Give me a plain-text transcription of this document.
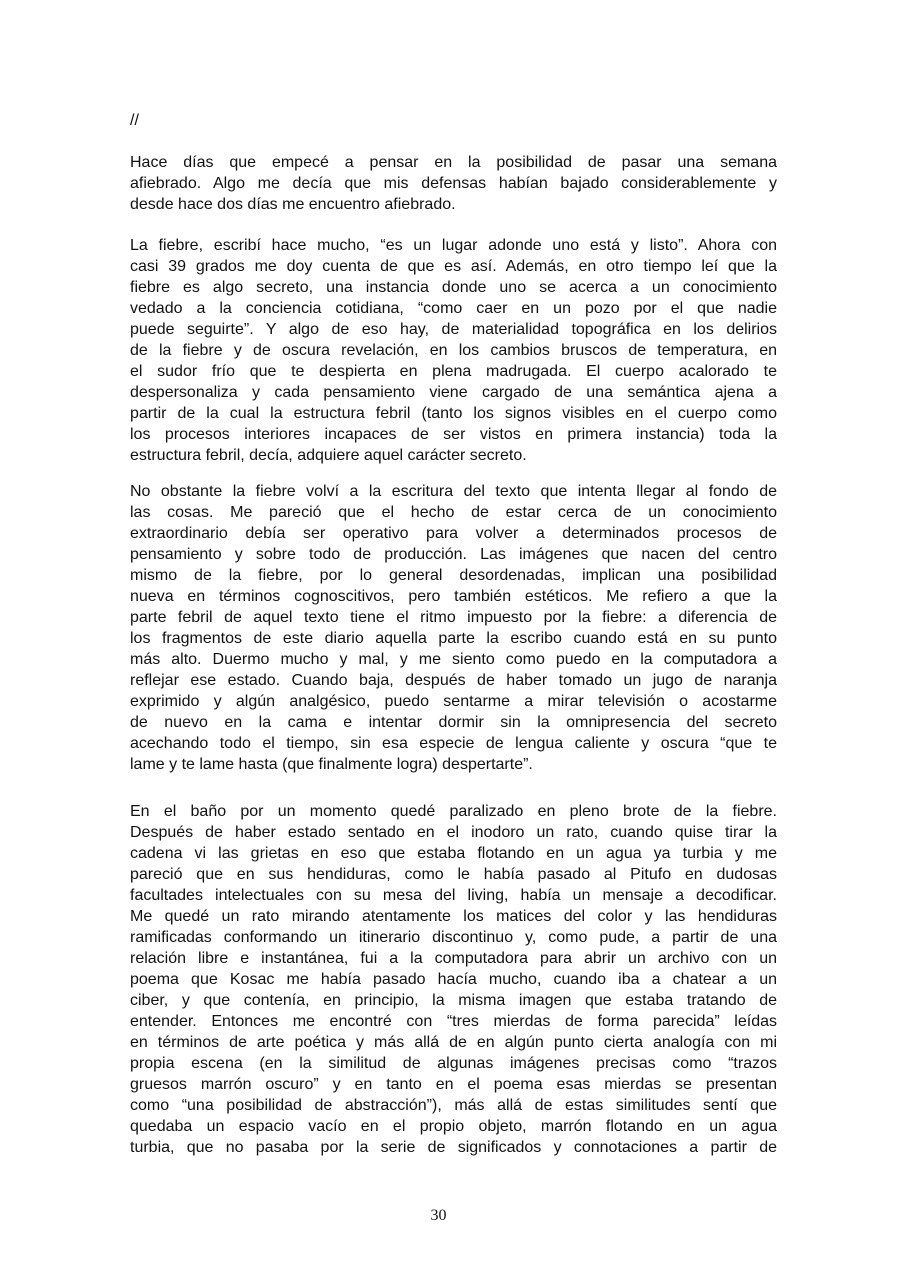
//
Hace días que empecé a pensar en la posibilidad de pasar una semana
afiebrado. Algo me decía que mis defensas habían bajado considerablemente y
desde hace dos días me encuentro afiebrado.
La fiebre, escribí hace mucho, “es un lugar adonde uno está y listo”. Ahora con
casi 39 grados me doy cuenta de que es así. Además, en otro tiempo leí que la
fiebre es algo secreto, una instancia donde uno se acerca a un conocimiento
vedado a la conciencia cotidiana, “como caer en un pozo por el que nadie
puede seguirte”. Y algo de eso hay, de materialidad topográfica en los delirios
de la fiebre y de oscura revelación, en los cambios bruscos de temperatura, en
el sudor frío que te despierta en plena madrugada. El cuerpo acalorado te
despersonaliza y cada pensamiento viene cargado de una semántica ajena a
partir de la cual la estructura febril (tanto los signos visibles en el cuerpo como
los procesos interiores incapaces de ser vistos en primera instancia) toda la
estructura febril, decía, adquiere aquel carácter secreto.
No obstante la fiebre volví a la escritura del texto que intenta llegar al fondo de
las cosas. Me pareció que el hecho de estar cerca de un conocimiento
extraordinario debía ser operativo para volver a determinados procesos de
pensamiento y sobre todo de producción. Las imágenes que nacen del centro
mismo de la fiebre, por lo general desordenadas, implican una posibilidad
nueva en términos cognoscitivos, pero también estéticos. Me refiero a que la
parte febril de aquel texto tiene el ritmo impuesto por la fiebre: a diferencia de
los fragmentos de este diario aquella parte la escribo cuando está en su punto
más alto. Duermo mucho y mal, y me siento como puedo en la computadora a
reflejar ese estado. Cuando baja, después de haber tomado un jugo de naranja
exprimido y algún analgésico, puedo sentarme a mirar televisión o acostarme
de nuevo en la cama e intentar dormir sin la omnipresencia del secreto
acechando todo el tiempo, sin esa especie de lengua caliente y oscura “que te
lame y te lame hasta (que finalmente logra) despertarte”.
En el baño por un momento quedé paralizado en pleno brote de la fiebre.
Después de haber estado sentado en el inodoro un rato, cuando quise tirar la
cadena vi las grietas en eso que estaba flotando en un agua ya turbia y me
pareció que en sus hendiduras, como le había pasado al Pitufo en dudosas
facultades intelectuales con su mesa del living, había un mensaje a decodificar.
Me quedé un rato mirando atentamente los matices del color y las hendiduras
ramificadas conformando un itinerario discontinuo y, como pude, a partir de una
relación libre e instantánea, fui a la computadora para abrir un archivo con un
poema que Kosac me había pasado hacía mucho, cuando iba a chatear a un
ciber, y que contenía, en principio, la misma imagen que estaba tratando de
entender. Entonces me encontré con “tres mierdas de forma parecida” leídas
en términos de arte poética y más allá de en algún punto cierta analogía con mi
propia escena (en la similitud de algunas imágenes precisas como “trazos
gruesos marrón oscuro” y en tanto en el poema esas mierdas se presentan
como “una posibilidad de abstracción”), más allá de estas similitudes sentí que
quedaba un espacio vacío en el propio objeto, marrón flotando en un agua
turbia, que no pasaba por la serie de significados y connotaciones a partir de
30
